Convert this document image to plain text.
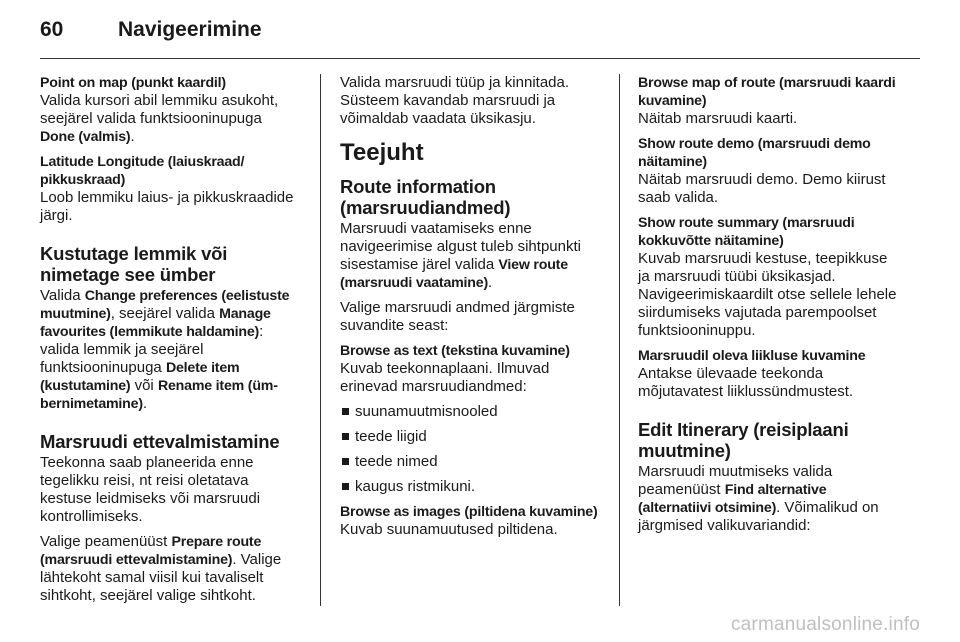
60	Navigeerimine
Point on map (punkt kaardil)
Valida kursori abil lemmiku asukoht, seejärel valida funktsiooninupuga Done (valmis).
Latitude Longitude (laiuskraad/ pikkuskraad)
Loob lemmiku laius- ja pikkuskraadide järgi.
Kustutage lemmik või nimetage see ümber

Valida Change preferences (eelistuste muutmine), seejärel valida Manage favourites (lemmikute haldamine): valida lemmik ja seejärel funktsiooninupuga Delete item (kustutamine) või Rename item (ümbernimetamine).

Marsruudi ettevalmistamine

Teekonna saab planeerida enne tegelikku reisi, nt reisi oletatava kestuse leidmiseks või marsruudi kontrollimiseks.

Valige peamenüüst Prepare route (marsruudi ettevalmistamine). Valige lähtekoht samal viisil kui tavaliselt sihtkoht, seejärel valige sihtkoht.

Valida marsruudi tüüp ja kinnitada. Süsteem kavandab marsruudi ja võimaldab vaadata üksikasju.

Teejuht
Route information (marsruudiandmed)

Marsruudi vaatamiseks enne navigeerimise algust tuleb sihtpunkti sisestamise järel valida View route (marsruudi vaatamine).

Valige marsruudi andmed järgmiste suvandite seast:

Browse as text (tekstina kuvamine)
Kuvab teekonnaplaani. Ilmuvad erinevad marsruudiandmed:
suunamuutmisnooled
teede liigid
teede nimed
kaugus ristmikuni.
Browse as images (piltidena kuvamine)
Kuvab suunamuutused piltidena.
Browse map of route (marsruudi kaardi kuvamine)
Näitab marsruudi kaarti.
Show route demo (marsruudi demo näitamine)
Näitab marsruudi demo. Demo kiirust saab valida.
Show route summary (marsruudi kokkuvõtte näitamine)
Kuvab marsruudi kestuse, teepikkuse ja marsruudi tüübi üksikasjad. Navigeerimiskaardilt otse sellele lehele siirdumiseks vajutada parempoolset funktsiooninuppu.
Marsruudil oleva liikluse kuvamine
Antakse ülevaade teekonda mõjutavatest liiklussündmustest.
Edit Itinerary (reisiplaani muutmine)

Marsruudi muutmiseks valida peamenüüst Find alternative (alternatiivi otsimine). Võimalikud on järgmised valikuvariandid:

carmanualsonline.info
